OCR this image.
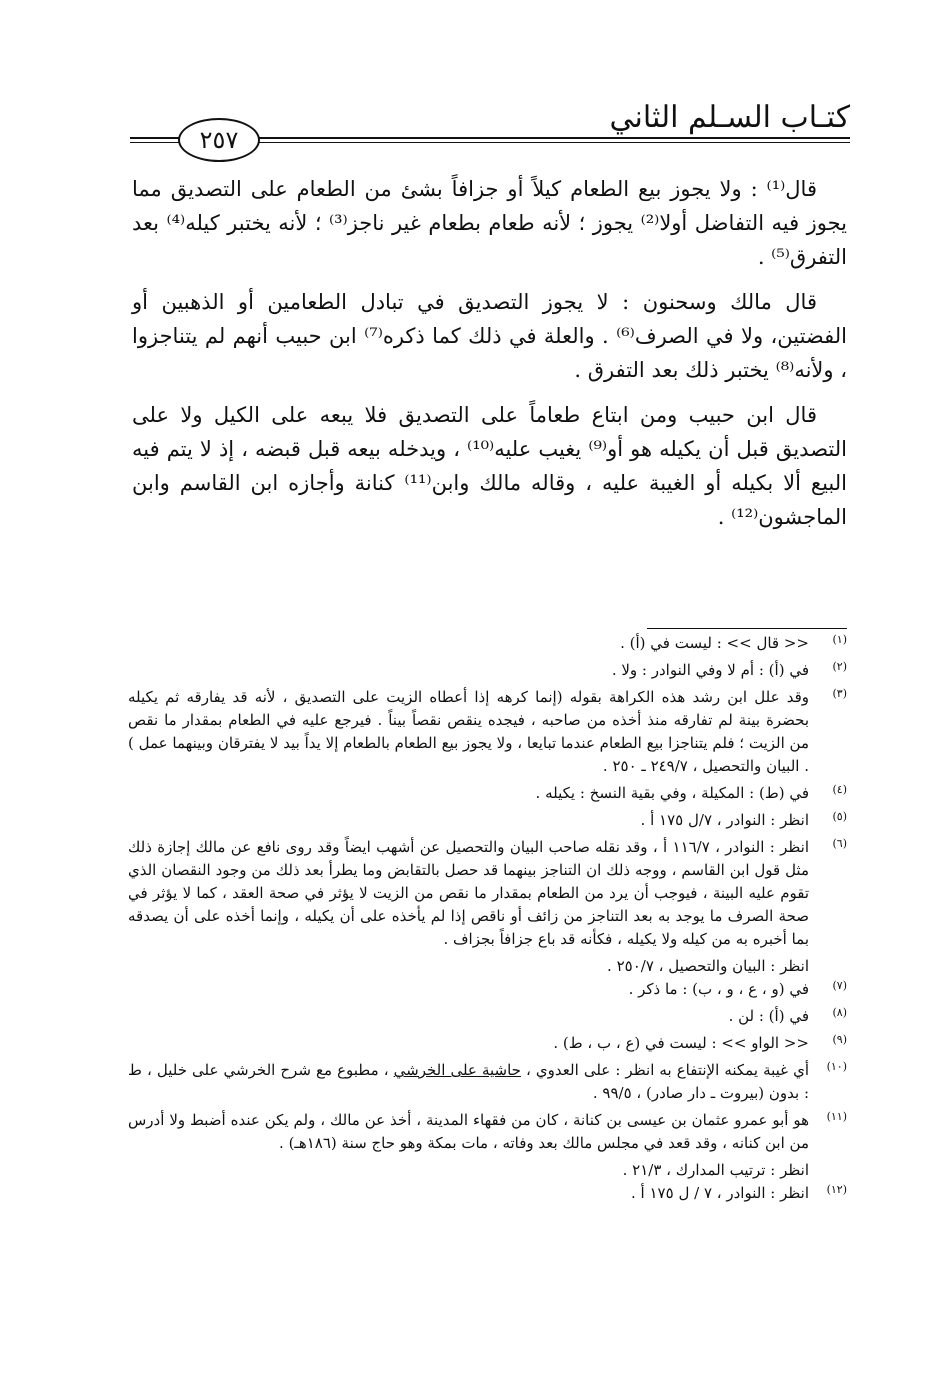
كتـاب السـلم الثاني
٢٥٧

قال⁽¹⁾ : ولا يجوز بيع الطعام كيلاً أو جزافاً بشئ من الطعام على التصديق مما يجوز فيه التفاضل أولا⁽²⁾ يجوز ؛ لأنه طعام بطعام غير ناجز⁽³⁾ ؛ لأنه يختبر كيله⁽⁴⁾ بعد التفرق⁽⁵⁾ .

قال مالك وسحنون : لا يجوز التصديق في تبادل الطعامين أو الذهبين أو الفضتين، ولا في الصرف⁽⁶⁾ . والعلة في ذلك كما ذكره⁽⁷⁾ ابن حبيب أنهم لم يتناجزوا ، ولأنه⁽⁸⁾ يختبر ذلك بعد التفرق .

قال ابن حبيب ومن ابتاع طعاماً على التصديق فلا يبعه على الكيل ولا على التصديق قبل أن يكيله هو أو⁽⁹⁾ يغيب عليه⁽¹⁰⁾ ، ويدخله بيعه قبل قبضه ، إذ لا يتم فيه البيع ألا بكيله أو الغيبة عليه ، وقاله مالك وابن⁽¹¹⁾ كنانة وأجازه ابن القاسم وابن الماجشون⁽¹²⁾ .

(١)
<< قال >> : ليست في (أ) .
(٢)
في (أ) : أم لا وفي النوادر : ولا .
(٣)
وقد علل ابن رشد هذه الكراهة بقوله (إنما كرهه إذا أعطاه الزيت على التصديق ، لأنه قد يفارقه ثم يكيله بحضرة بينة لم تفارقه منذ أخذه من صاحبه ، فيجده ينقص نقصاً بيناً . فيرجع عليه في الطعام بمقدار ما نقص من الزيت ؛ فلم يتناجزا بيع الطعام عندما تبايعا ، ولا يجوز بيع الطعام بالطعام إلا يداً بيد لا يفترقان وبينهما عمل ) . البيان والتحصيل ، ٢٤٩/٧ ـ ٢٥٠ .
(٤)
في (ط) : المكيلة ، وفي بقية النسخ : يكيله .
(٥)
انظر : النوادر ، ٧/ل ١٧٥ أ .
(٦)
انظر : النوادر ، ١١٦/٧ أ ، وقد نقله صاحب البيان والتحصيل عن أشهب ايضاً وقد روى نافع عن مالك إجازة ذلك مثل قول ابن القاسم ، ووجه ذلك ان التناجز بينهما قد حصل بالتقابض وما يطرأ بعد ذلك من وجود النقصان الذي تقوم عليه البينة ، فيوجب أن يرد من الطعام بمقدار ما نقص من الزيت لا يؤثر في صحة العقد ، كما لا يؤثر في صحة الصرف ما يوجد به بعد التناجز من زائف أو ناقص إذا لم يأخذه على أن يكيله ، وإنما أخذه على أن يصدقه بما أخبره به من كيله ولا يكيله ، فكأنه قد باع جزافاً بجزاف .
انظر : البيان والتحصيل ، ٢٥٠/٧ .
(٧)
في (و ، ع ، و ، ب) : ما ذكر .
(٨)
في (أ) : لن .
(٩)
<< الواو >> : ليست في (ع ، ب ، ط) .
(١٠)
أي غيبة يمكنه الإنتفاع به انظر : على العدوي ، حاشية على الخرشي ، مطبوع مع شرح الخرشي على خليل ، ط : بدون (بيروت ـ دار صادر) ، ٩٩/٥ .
(١١)
هو أبو عمرو عثمان بن عيسى بن كنانة ، كان من فقهاء المدينة ، أخذ عن مالك ، ولم يكن عنده أضبط ولا أدرس من ابن كنانه ، وقد قعد في مجلس مالك بعد وفاته ، مات بمكة وهو حاج سنة (١٨٦هـ) .
انظر : ترتيب المدارك ، ٢١/٣ .
(١٢)
انظر : النوادر ، ٧ / ل ١٧٥ أ .
